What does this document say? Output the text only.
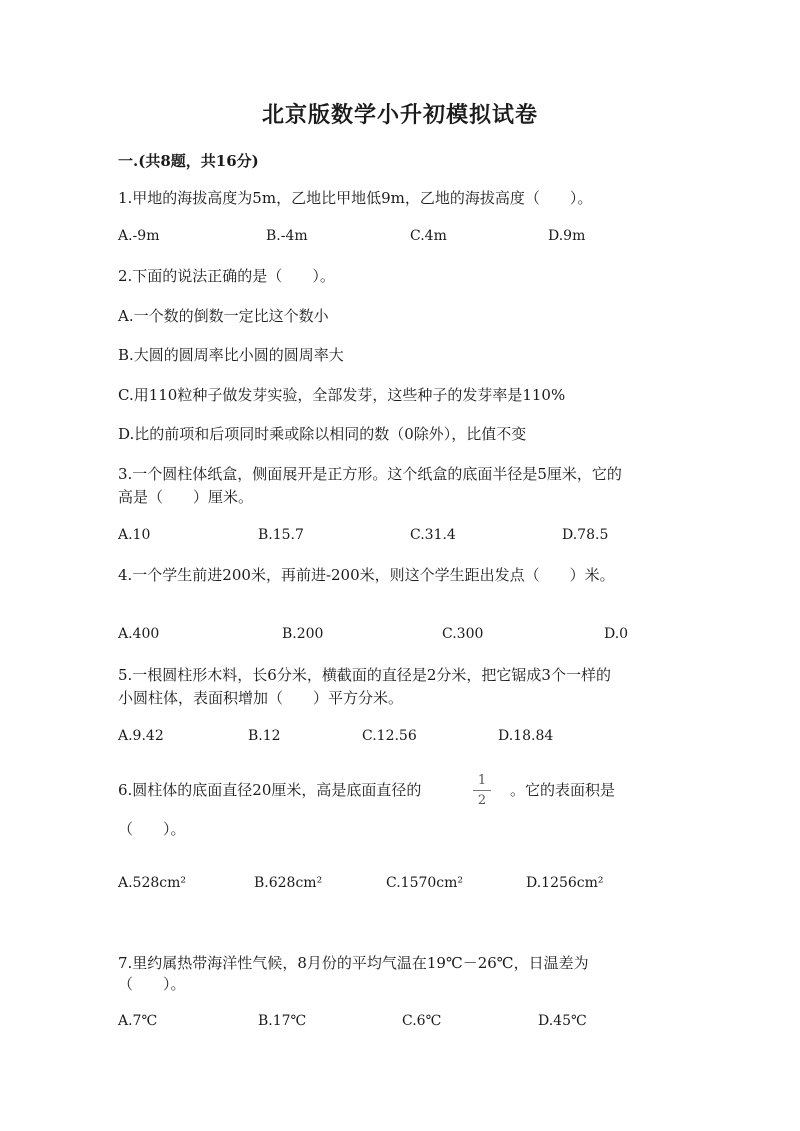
北京版数学小升初模拟试卷
一.(共8题，共16分)
1.甲地的海拔高度为5m，乙地比甲地低9m，乙地的海拔高度（　　）。
A.-9m	B.-4m	C.4m	D.9m
2.下面的说法正确的是（　　）。
A.一个数的倒数一定比这个数小
B.大圆的圆周率比小圆的圆周率大
C.用110粒种子做发芽实验，全部发芽，这些种子的发芽率是110%
D.比的前项和后项同时乘或除以相同的数（0除外），比值不变
3.一个圆柱体纸盒，侧面展开是正方形。这个纸盒的底面半径是5厘米，它的
高是（　　）厘米。
A.10	B.15.7	C.31.4	D.78.5
4.一个学生前进200米，再前进-200米，则这个学生距出发点（　　）米。
A.400	B.200	C.300	D.0
5.一根圆柱形木料，长6分米，横截面的直径是2分米，把它锯成3个一样的
小圆柱体，表面积增加（　　）平方分米。
A.9.42	B.12	C.12.56	D.18.84
6.圆柱体的底面直径20厘米，高是底面直径的
1
2
。它的表面积是
（　　）。
A.528cm²	B.628cm²	C.1570cm²	D.1256cm²
7.里约属热带海洋性气候，8月份的平均气温在19℃－26℃，日温差为
（　　）。
A.7℃	B.17℃	C.6℃	D.45℃
